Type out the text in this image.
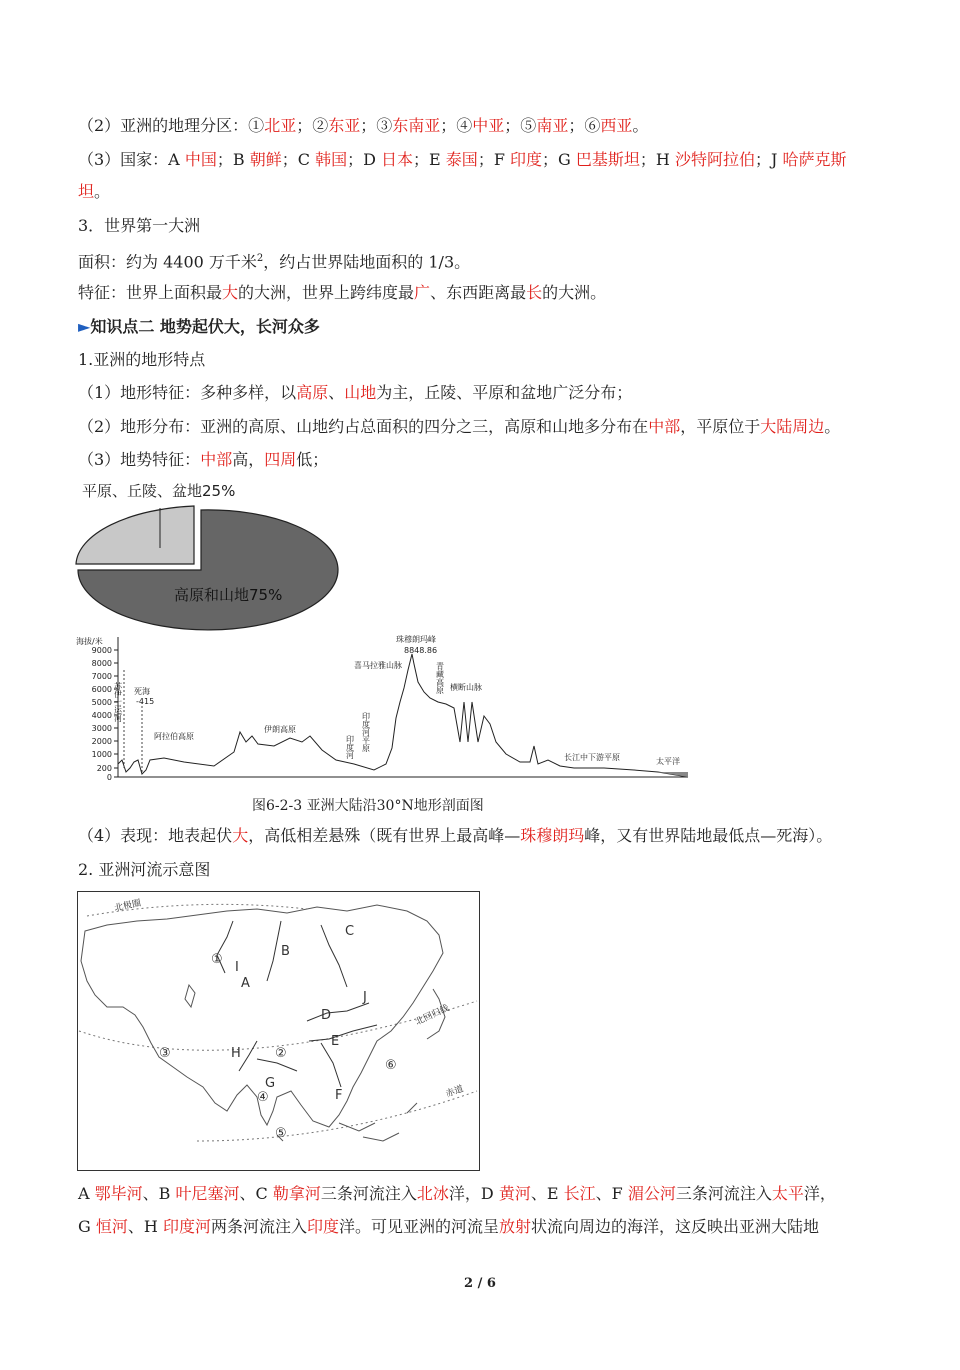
（2）亚洲的地理分区：①北亚；②东亚；③东南亚；④中亚；⑤南亚；⑥西亚。
（3）国家：A 中国；B 朝鲜；C 韩国；D 日本；E 泰国；F 印度；G 巴基斯坦；H 沙特阿拉伯；J 哈萨克斯
坦。
3．世界第一大洲
面积：约为 4400 万千米$^2$，约占世界陆地面积的 1/3。
特征：世界上面积最大的大洲，世界上跨纬度最广、东西距离最长的大洲。
►知识点二 地势起伏大，长河众多
1.亚洲的地形特点
（1）地形特征：多种多样，以高原、山地为主，丘陵、平原和盆地广泛分布；
（2）地形分布：亚洲的高原、山地约占总面积的四分之三，高原和山地多分布在中部，平原位于大陆周边。
（3）地势特征：中部高，四周低；
平原、丘陵、盆地25%
高原和山地75%
海拔/米
9000
8000
7000
6000
5000
4000
3000
2000
1000
200
0
苏伊士运河 死海
-415
阿拉伯高原
伊朗高原
印度河 印度河平原
喜马拉雅山脉
珠穆朗玛峰
8848.86
青藏高原 横断山脉
长江中下游平原	太平洋
图6-2-3 亚洲大陆沿30°N地形剖面图
（4）表现：地表起伏大，高低相差悬殊（既有世界上最高峰—珠穆朗玛峰，又有世界陆地最低点—死海）。
2. 亚洲河流示意图
北极圈
北回归线
赤道
A
B
C
D
E
F
G
H
I
J
①
②
③
④
⑤
⑥
A 鄂毕河、B 叶尼塞河、C 勒拿河三条河流注入北冰洋，D 黄河、E 长江、F 湄公河三条河流注入太平洋，
G 恒河、H 印度河两条河流注入印度洋。可见亚洲的河流呈放射状流向周边的海洋，这反映出亚洲大陆地
2 / 6
